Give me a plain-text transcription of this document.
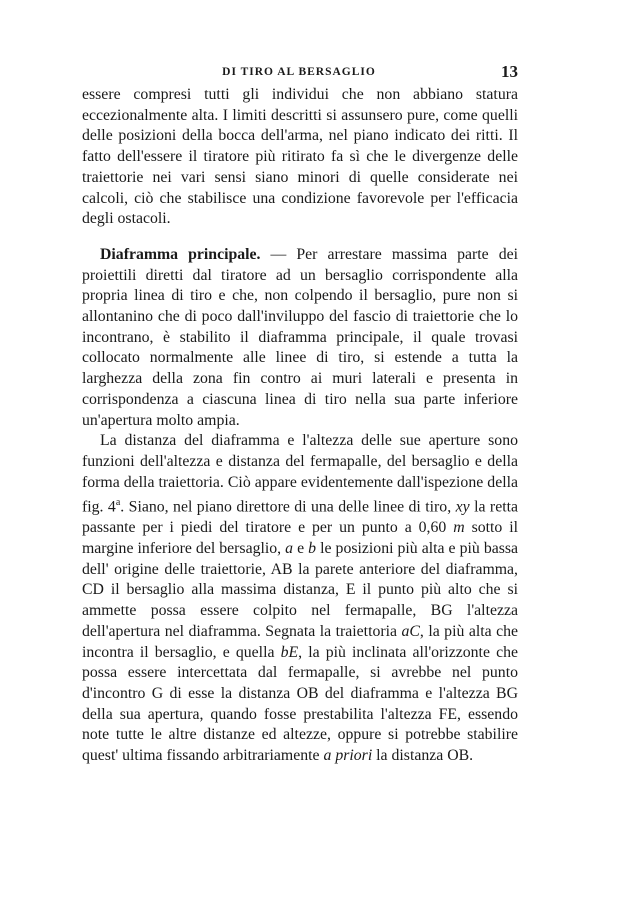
DI TIRO AL BERSAGLIO	13

essere compresi tutti gli individui che non abbiano statura eccezionalmente alta. I limiti descritti si assunsero pure, come quelli delle posizioni della bocca dell'arma, nel piano indicato dei ritti. Il fatto dell'essere il tiratore più ritirato fa sì che le divergenze delle traiettorie nei vari sensi siano minori di quelle considerate nei calcoli, ciò che stabilisce una condizione favorevole per l'efficacia degli ostacoli.

Diaframma principale. — Per arrestare massima parte dei proiettili diretti dal tiratore ad un bersaglio corrispondente alla propria linea di tiro e che, non colpendo il bersaglio, pure non si allontanino che di poco dall'inviluppo del fascio di traiettorie che lo incontrano, è stabilito il diaframma principale, il quale trovasi collocato normalmente alle linee di tiro, si estende a tutta la larghezza della zona fin contro ai muri laterali e presenta in corrispondenza a ciascuna linea di tiro nella sua parte inferiore un'apertura molto ampia.

La distanza del diaframma e l'altezza delle sue aperture sono funzioni dell'altezza e distanza del fermapalle, del bersaglio e della forma della traiettoria. Ciò appare evidentemente dall'ispezione della fig. 4$^a$. Siano, nel piano direttore di una delle linee di tiro, xy la retta passante per i piedi del tiratore e per un punto a 0,60 m sotto il margine inferiore del bersaglio, a e b le posizioni più alta e più bassa dell' origine delle traiettorie, AB la parete anteriore del diaframma, CD il bersaglio alla massima distanza, E il punto più alto che si ammette possa essere colpito nel fermapalle, BG l'altezza dell'apertura nel diaframma. Segnata la traiettoria aC, la più alta che incontra il bersaglio, e quella bE, la più inclinata all'orizzonte che possa essere intercettata dal fermapalle, si avrebbe nel punto d'incontro G di esse la distanza OB del diaframma e l'altezza BG della sua apertura, quando fosse prestabilita l'altezza FE, essendo note tutte le altre distanze ed altezze, oppure si potrebbe stabilire quest' ultima fissando arbitrariamente a priori la distanza OB.
